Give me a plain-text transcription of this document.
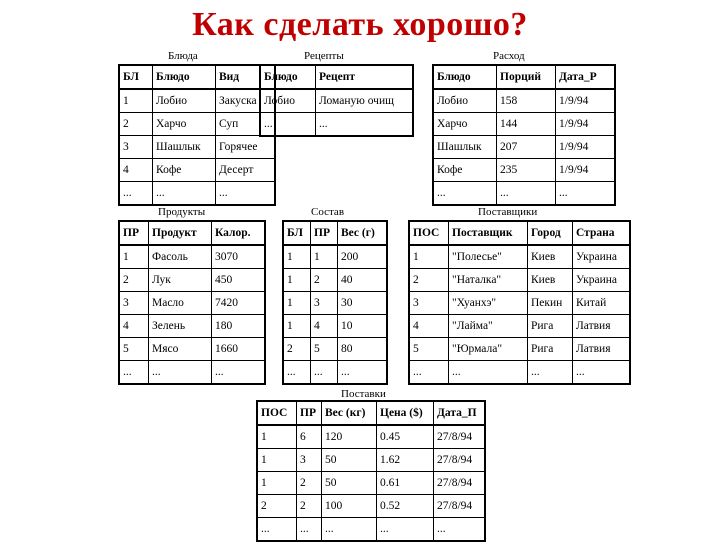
Как сделать хорошо?
Блюда
БЛ	Блюдо	Вид
1	Лобио	Закуска
2	Харчо	Суп
3	Шашлык	Горячее
4	Кофе	Десерт
...	...	...
Рецепты
Блюдо	Рецепт
Лобио	Ломаную очищ
...	...
Расход
Блюдо	Порций	Дата_Р
Лобио	158	1/9/94
Харчо	144	1/9/94
Шашлык	207	1/9/94
Кофе	235	1/9/94
...	...	...
Продукты
ПР	Продукт	Калор.
1	Фасоль	3070
2	Лук	450
3	Масло	7420
4	Зелень	180
5	Мясо	1660
...	...	...
Состав
БЛ	ПР	Вес (г)
1	1	200
1	2	40
1	3	30
1	4	10
2	5	80
...	...	...
Поставщики
ПОС	Поставщик	Город	Страна
1	"Полесье"	Киев	Украина
2	"Наталка"	Киев	Украина
3	"Хуанхэ"	Пекин	Китай
4	"Лайма"	Рига	Латвия
5	"Юрмала"	Рига	Латвия
...	...	...	...
Поставки
ПОС	ПР	Вес (кг)	Цена ($)	Дата_П
1	6	120	0.45	27/8/94
1	3	50	1.62	27/8/94
1	2	50	0.61	27/8/94
2	2	100	0.52	27/8/94
...	...	...	...	...
